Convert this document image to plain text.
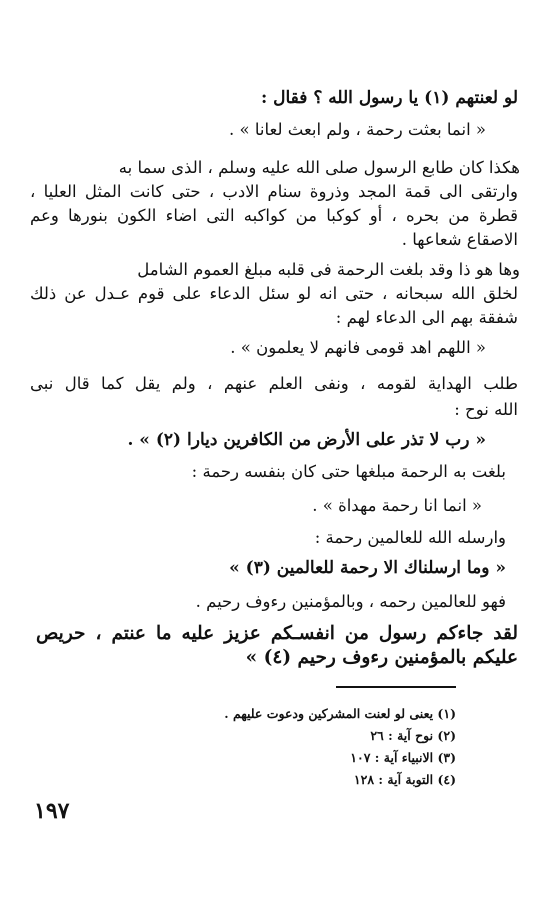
لو لعنتهم (١) يا رسول الله ؟ فقال :
« انما بعثت رحمة ، ولم ابعث لعانا » .
هكذا كان طابع الرسول صلى الله عليه وسلم ، الذى سما به
وارتقى الى قمة المجد وذروة سنام الادب ، حتى كانت المثل العليا ،
قطرة من بحره ، أو كوكبا من كواكبه التى اضاء الكون بنورها وعم
الاصقاع شعاعها .
وها هو ذا وقد بلغت الرحمة فى قلبه مبلغ العموم الشامل
لخلق الله سبحانه ، حتى انه لو سئل الدعاء على قوم عـدل عن ذلك
شفقة بهم الى الدعاء لهم :
« اللهم اهد قومى فانهم لا يعلمون » .
طلب الهداية لقومه ، ونفى العلم عنهم ، ولم يقل كما قال نبى
الله نوح :
« رب لا تذر على الأرض من الكافرين ديارا (٢) » .
بلغت به الرحمة مبلغها حتى كان بنفسه رحمة :
« انما انا رحمة مهداة » .
وارسله الله للعالمين رحمة :
« وما ارسلناك الا رحمة للعالمين (٣) »
فهو للعالمين رحمه ، وبالمؤمنين رءوف رحيم .
لقد جاءكم رسول من انفسـكم عزيز عليه ما عنتم ، حريص
عليكم بالمؤمنين رءوف رحيم (٤) »
(١) يعنى لو لعنت المشركين ودعوت عليهم .
(٢) نوح آية : ٢٦
(٣) الانبياء آية : ١٠٧
(٤) التوبة آية : ١٢٨
١٩٧
